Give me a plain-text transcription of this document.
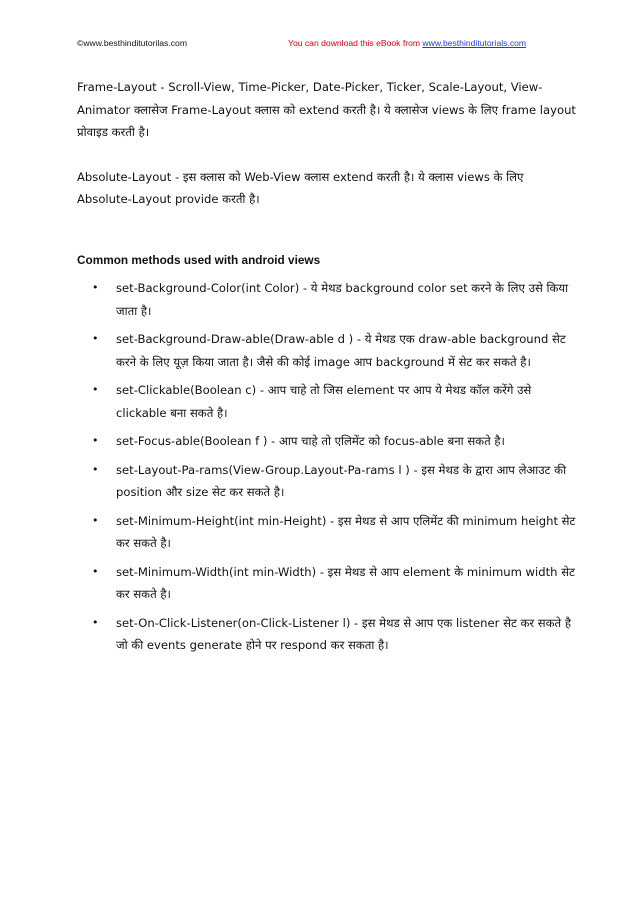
©www.besthinditutorilas.com	You can download this eBook from www.besthinditutorials.com

Frame-Layout - Scroll-View, Time-Picker, Date-Picker, Ticker, Scale-Layout, View-Animator क्लासेज Frame-Layout क्लास को extend करती है। ये क्लासेज views के लिए frame layout प्रोवाइड करती है।

Absolute-Layout - इस क्लास को Web-View क्लास extend करती है। ये क्लास views के लिए Absolute-Layout provide करती है।

Common methods used with android views

• set-Background-Color(int Color) - ये मेथड background color set करने के लिए उसे किया जाता है।
• set-Background-Draw-able(Draw-able d ) - ये मेथड एक draw-able background सेट करने के लिए यूज़ किया जाता है। जैसे की कोई image आप background में सेट कर सकते है।
• set-Clickable(Boolean c) - आप चाहे तो जिस element पर आप ये मेथड कॉल करेंगे उसे clickable बना सकते है।
• set-Focus-able(Boolean f ) - आप चाहे तो एलिमेंट को focus-able बना सकते है।
• set-Layout-Pa-rams(View-Group.Layout-Pa-rams l ) - इस मेथड के द्वारा आप लेआउट की position और size सेट कर सकते है।
• set-Minimum-Height(int min-Height) - इस मेथड से आप एलिमेंट की minimum height सेट कर सकते है।
• set-Minimum-Width(int min-Width) - इस मेथड से आप element के minimum width सेट कर सकते है।
• set-On-Click-Listener(on-Click-Listener l) - इस मेथड से आप एक listener सेट कर सकते है जो की events generate होने पर respond कर सकता है।
